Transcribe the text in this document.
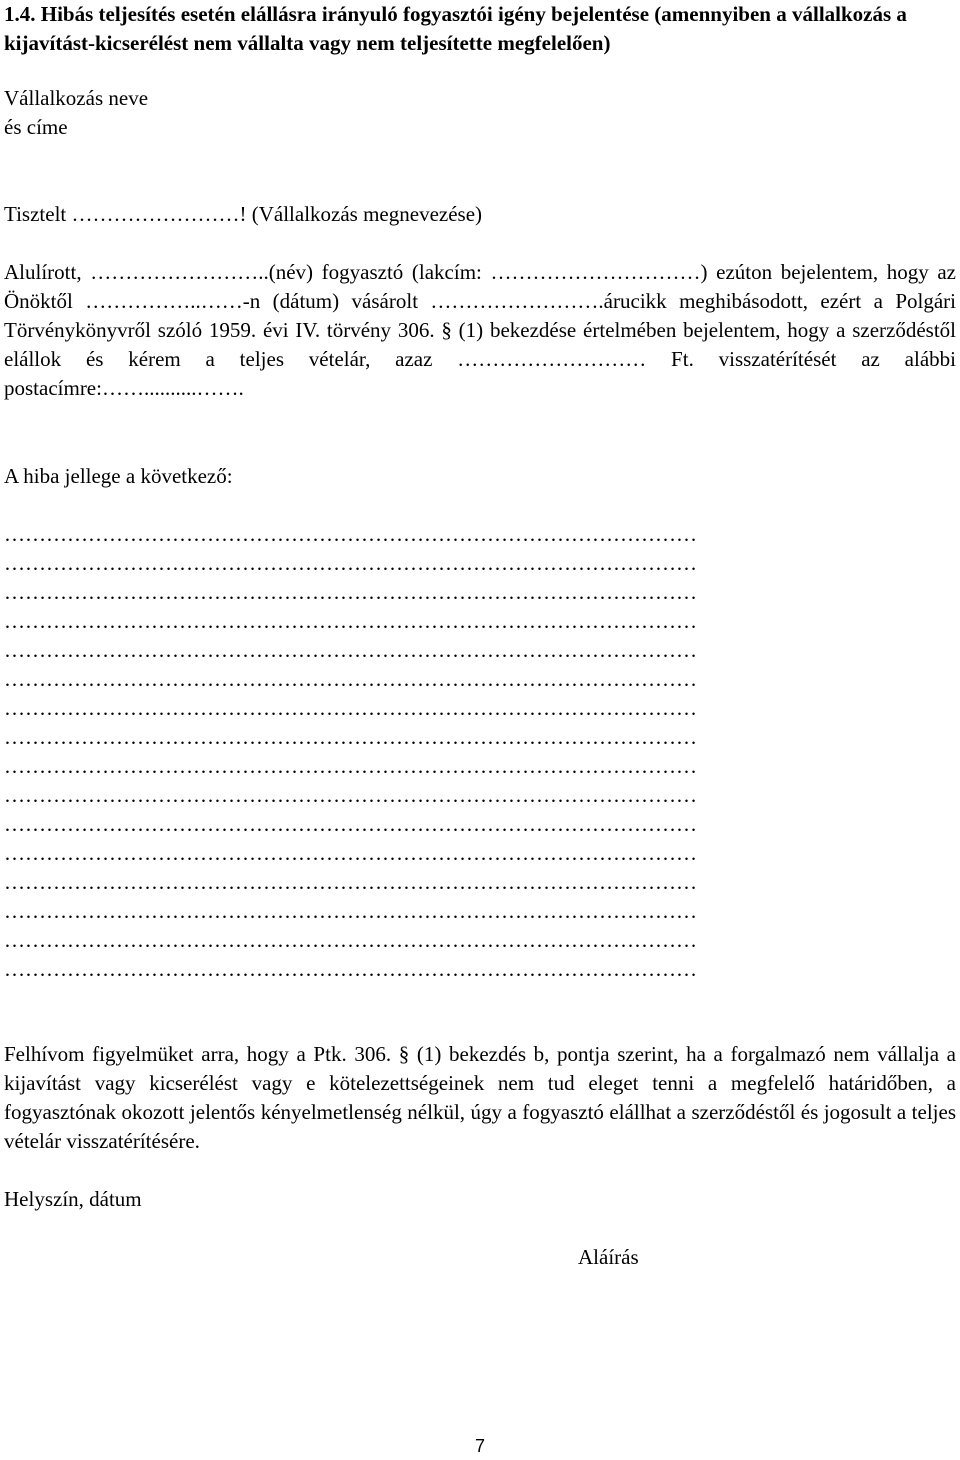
1.4. Hibás teljesítés esetén elállásra irányuló fogyasztói igény bejelentése (amennyiben a vállalkozás a kijavítást-kicserélést nem vállalta vagy nem teljesítette megfelelően)
Vállalkozás neve
és címe
Tisztelt ……………………! (Vállalkozás megnevezése)
Alulírott, ……………………..(név) fogyasztó (lakcím: …………………………) ezúton bejelentem, hogy az Önöktől ……………..……-n (dátum) vásárolt …………………….árucikk meghibásodott, ezért a Polgári Törvénykönyvről szóló 1959. évi IV. törvény 306. § (1) bekezdése értelmében bejelentem, hogy a szerződéstől elállok és kérem a teljes vételár, azaz ……………………… Ft. visszatérítését az alábbi postacímre:……..........…….
A hiba jellege a következő:
………………………………………………………………………………………
………………………………………………………………………………………
………………………………………………………………………………………
………………………………………………………………………………………
………………………………………………………………………………………
………………………………………………………………………………………
………………………………………………………………………………………
………………………………………………………………………………………
………………………………………………………………………………………
………………………………………………………………………………………
………………………………………………………………………………………
………………………………………………………………………………………
………………………………………………………………………………………
………………………………………………………………………………………
………………………………………………………………………………………
………………………………………………………………………………………
Felhívom figyelmüket arra, hogy a Ptk. 306. § (1) bekezdés b, pontja szerint, ha a forgalmazó nem vállalja a kijavítást vagy kicserélést vagy e kötelezettségeinek nem tud eleget tenni a megfelelő határidőben, a fogyasztónak okozott jelentős kényelmetlenség nélkül, úgy a fogyasztó elállhat a szerződéstől és jogosult a teljes vételár visszatérítésére.
Helyszín, dátum
Aláírás
7
